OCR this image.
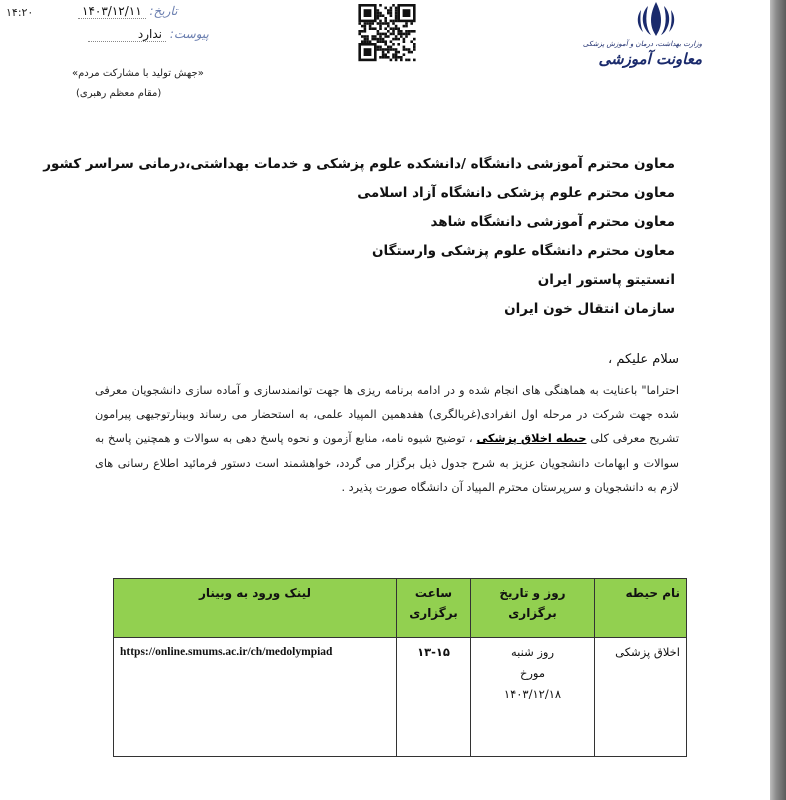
تاریخ: ۱۴۰۳/۱۲/۱۱
پیوست: ندارد
«جهش تولید با مشارکت مردم»
(مقام معظم رهبری)
وزارت بهداشت، درمان و آموزش پزشکی
معاونت آموزشی
معاون محترم آموزشی دانشگاه /دانشکده علوم پزشکی و خدمات بهداشتی،درمانی سراسر کشور
معاون محترم علوم پزشکی دانشگاه آزاد اسلامی
معاون محترم آموزشی دانشگاه شاهد
معاون محترم دانشگاه علوم پزشکی وارستگان
انستیتو پاستور ایران
سازمان انتقال خون ایران
سلام علیکم ،
احتراما" باعنایت به هماهنگی های انجام شده و در ادامه برنامه ریزی ها جهت توانمندسازی و آماده سازی دانشجویان معرفی شده جهت شرکت در مرحله اول انفرادی(غربالگری) هفدهمین المپیاد علمی، به استحضار می رساند وبینارتوجیهی پیرامون تشریح معرفی کلی حیطه اخلاق پزشکی ، توضیح شیوه نامه، منابع آزمون و نحوه پاسخ دهی به سوالات و همچنین پاسخ به سوالات و ابهامات دانشجویان عزیز به شرح جدول ذیل برگزار می گردد، خواهشمند است دستور فرمائید اطلاع رسانی های لازم به دانشجویان و سرپرستان محترم المپیاد آن دانشگاه صورت پذیرد .
نام حیطه	روز و تاریخ برگزاری	ساعت برگزاری	لینک ورود به وبینار
اخلاق پزشکی	روز شنبه
مورخ
۱۴۰۳/۱۲/۱۸	۱۳-۱۵	https://online.smums.ac.ir/ch/medolympiad
۱۴:۲۰
